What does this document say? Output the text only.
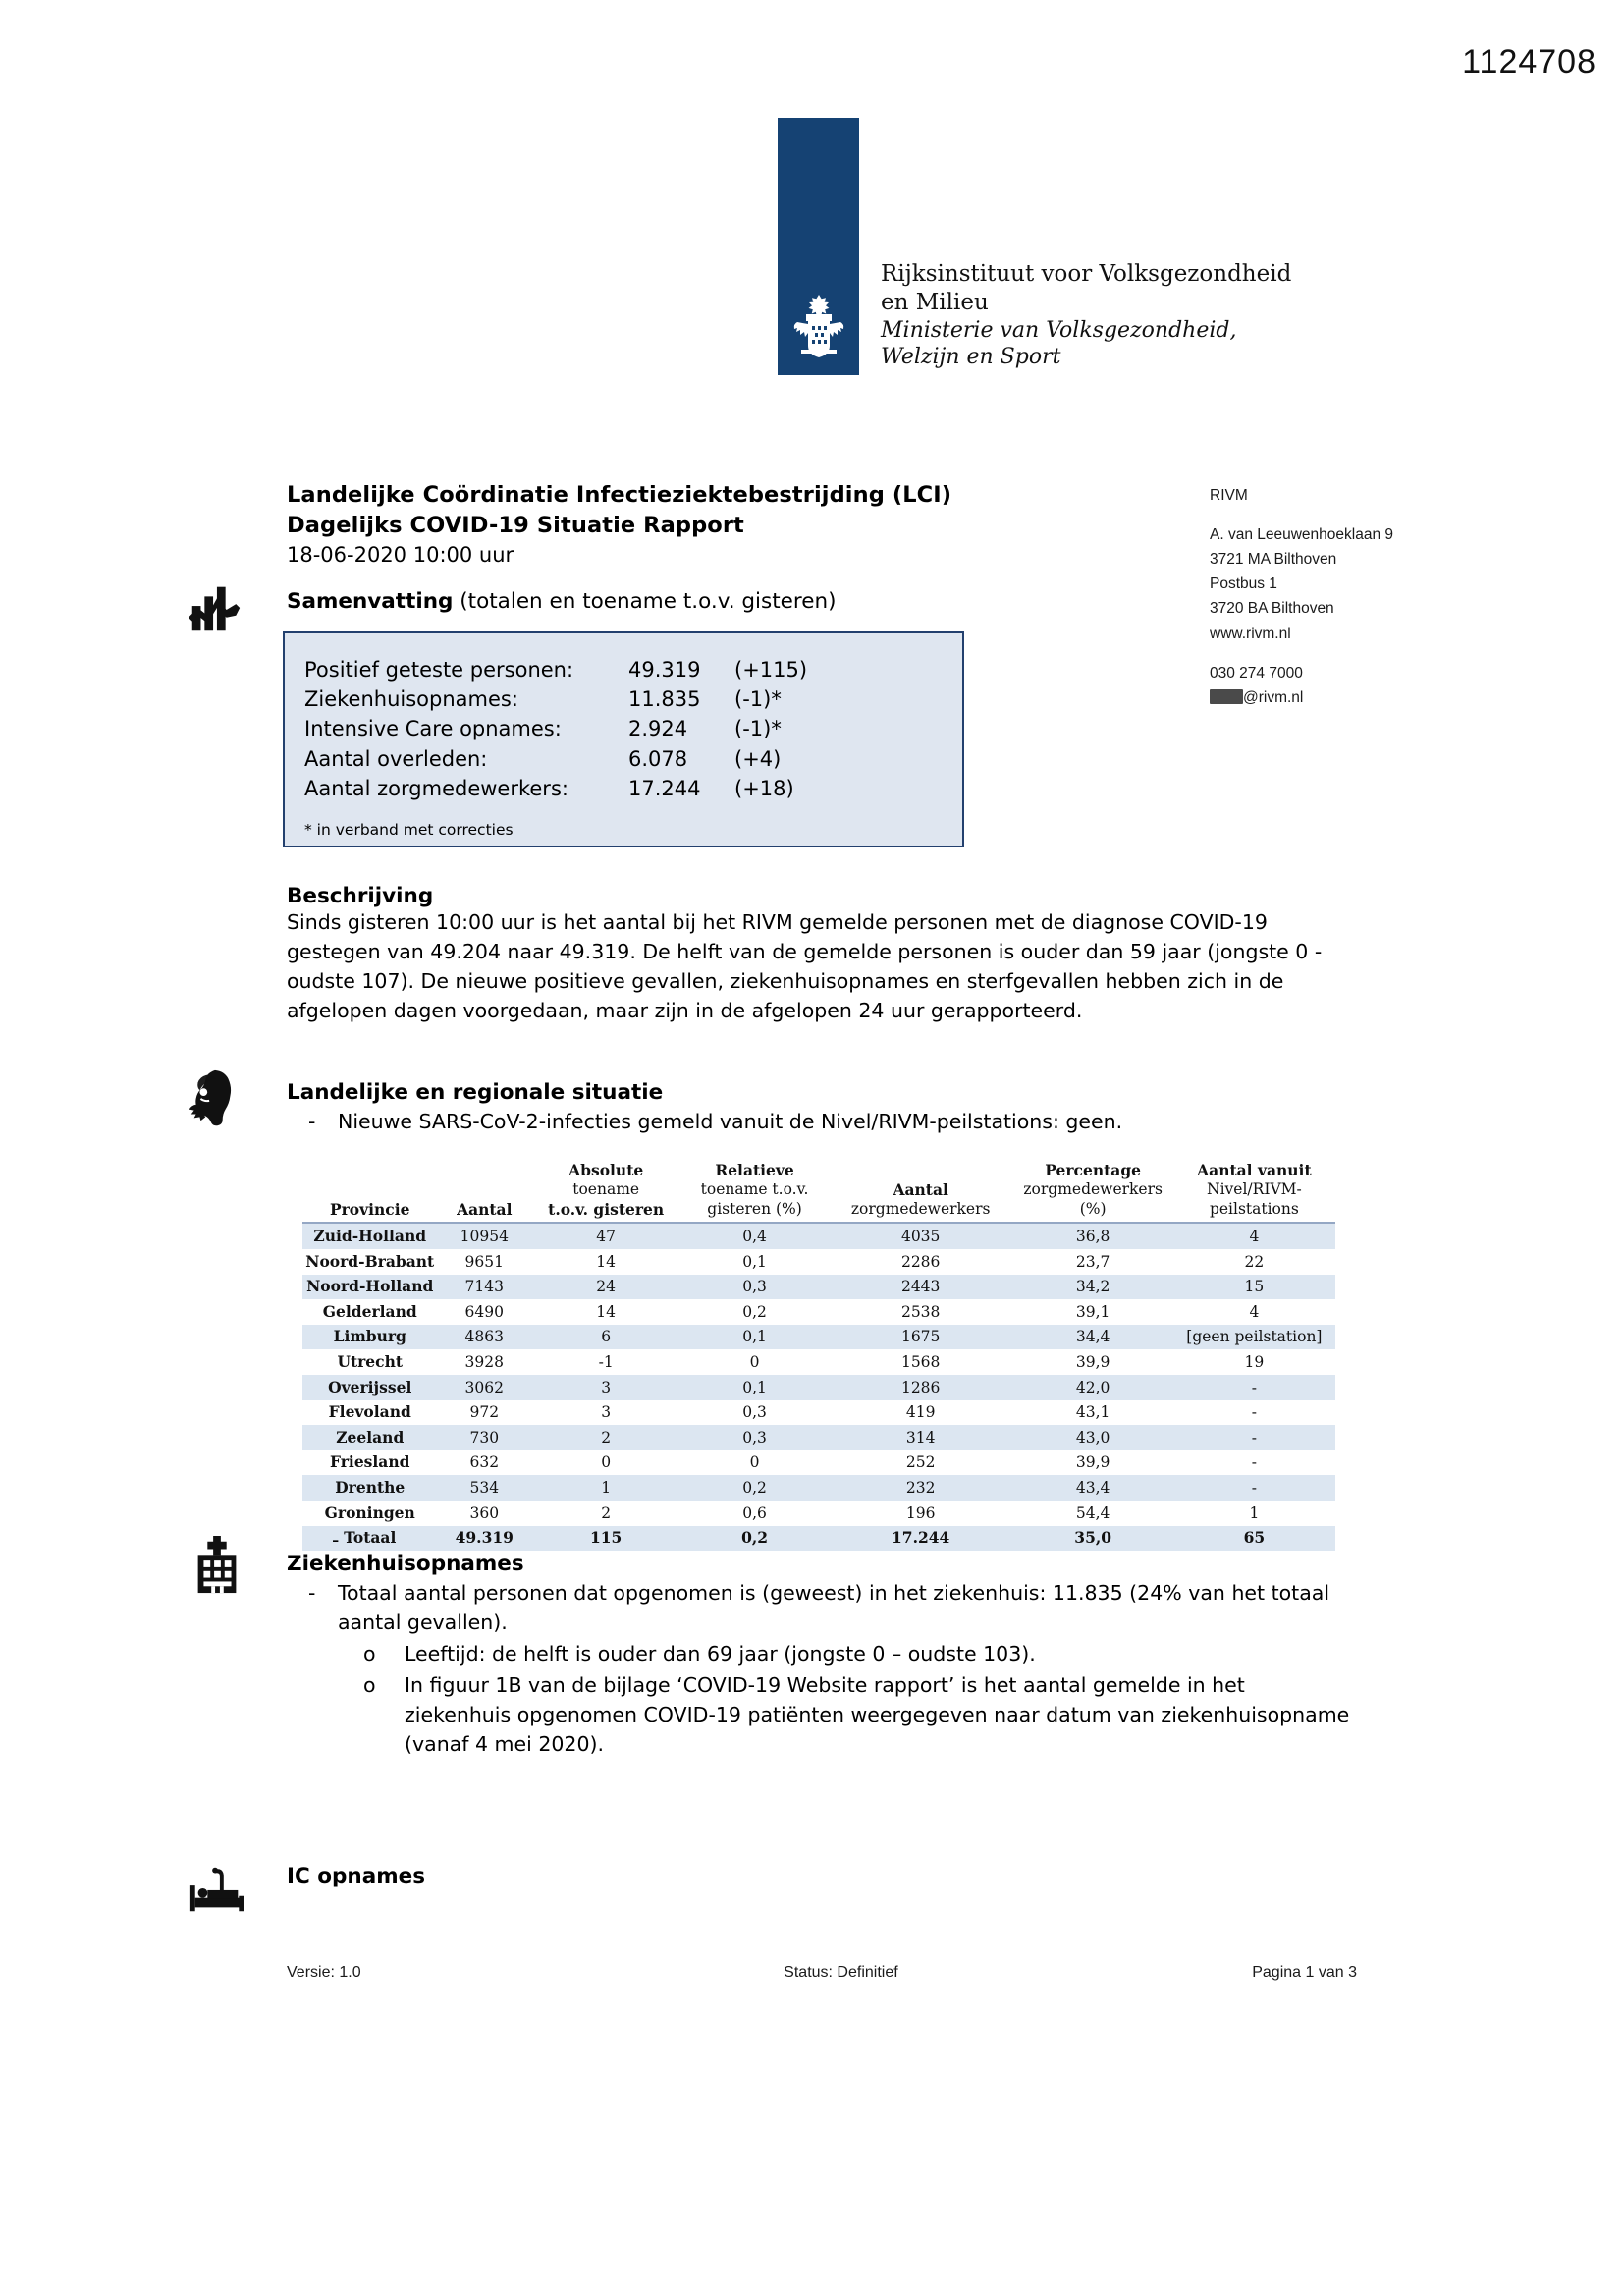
1124708
Rijksinstituut voor Volksgezondheid
en Milieu
Ministerie van Volksgezondheid,
Welzijn en Sport
RIVM
A. van Leeuwenhoeklaan 9
3721 MA Bilthoven
Postbus 1
3720 BA Bilthoven
www.rivm.nl
030 274 7000
@rivm.nl
Landelijke Coördinatie Infectieziektebestrijding (LCI)
Dagelijks COVID-19 Situatie Rapport
18-06-2020 10:00 uur
Samenvatting (totalen en toename t.o.v. gisteren)
Positief geteste personen:	49.319	(+115)
Ziekenhuisopnames:	11.835	(-1)*
Intensive Care opnames:	2.924	(-1)*
Aantal overleden:	6.078	(+4)
Aantal zorgmedewerkers:	17.244	(+18)
* in verband met correcties
Beschrijving
Sinds gisteren 10:00 uur is het aantal bij het RIVM gemelde personen met de diagnose COVID-19 gestegen van 49.204 naar 49.319. De helft van de gemelde personen is ouder dan 59 jaar (jongste 0 - oudste 107). De nieuwe positieve gevallen, ziekenhuisopnames en sterfgevallen hebben zich in de afgelopen dagen voorgedaan, maar zijn in de afgelopen 24 uur gerapporteerd.
Landelijke en regionale situatie
-	Nieuwe SARS-CoV-2-infecties gemeld vanuit de Nivel/RIVM-peilstations: geen.
Provincie	Aantal

Absolute
toename
t.o.v. gisteren

Relatieve
toename t.o.v.
gisteren (%)

Aantal
zorgmedewerkers

Percentage
zorgmedewerkers
(%)

Aantal vanuit
Nivel/RIVM-
peilstations

Zuid-Holland	10954	47	0,4	4035	36,8	4
Noord-Brabant	9651	14	0,1	2286	23,7	22
Noord-Holland	7143	24	0,3	2443	34,2	15
Gelderland	6490	14	0,2	2538	39,1	4
Limburg	4863	6	0,1	1675	34,4	[geen peilstation]
Utrecht	3928	-1	0	1568	39,9	19
Overijssel	3062	3	0,1	1286	42,0	-
Flevoland	972	3	0,3	419	43,1	-
Zeeland	730	2	0,3	314	43,0	-
Friesland	632	0	0	252	39,9	-
Drenthe	534	1	0,2	232	43,4	-
Groningen	360	2	0,6	196	54,4	1
Totaal	49.319	115	0,2	17.244	35,0	65
-
Ziekenhuisopnames
-	Totaal aantal personen dat opgenomen is (geweest) in het ziekenhuis: 11.835 (24% van het totaal aantal gevallen).
o	Leeftijd: de helft is ouder dan 69 jaar (jongste 0 – oudste 103).
o	In figuur 1B van de bijlage ‘COVID-19 Website rapport’ is het aantal gemelde in het ziekenhuis opgenomen COVID-19 patiënten weergegeven naar datum van ziekenhuisopname (vanaf 4 mei 2020).
IC opnames
Versie: 1.0	Status: Definitief	Pagina 1 van 3
